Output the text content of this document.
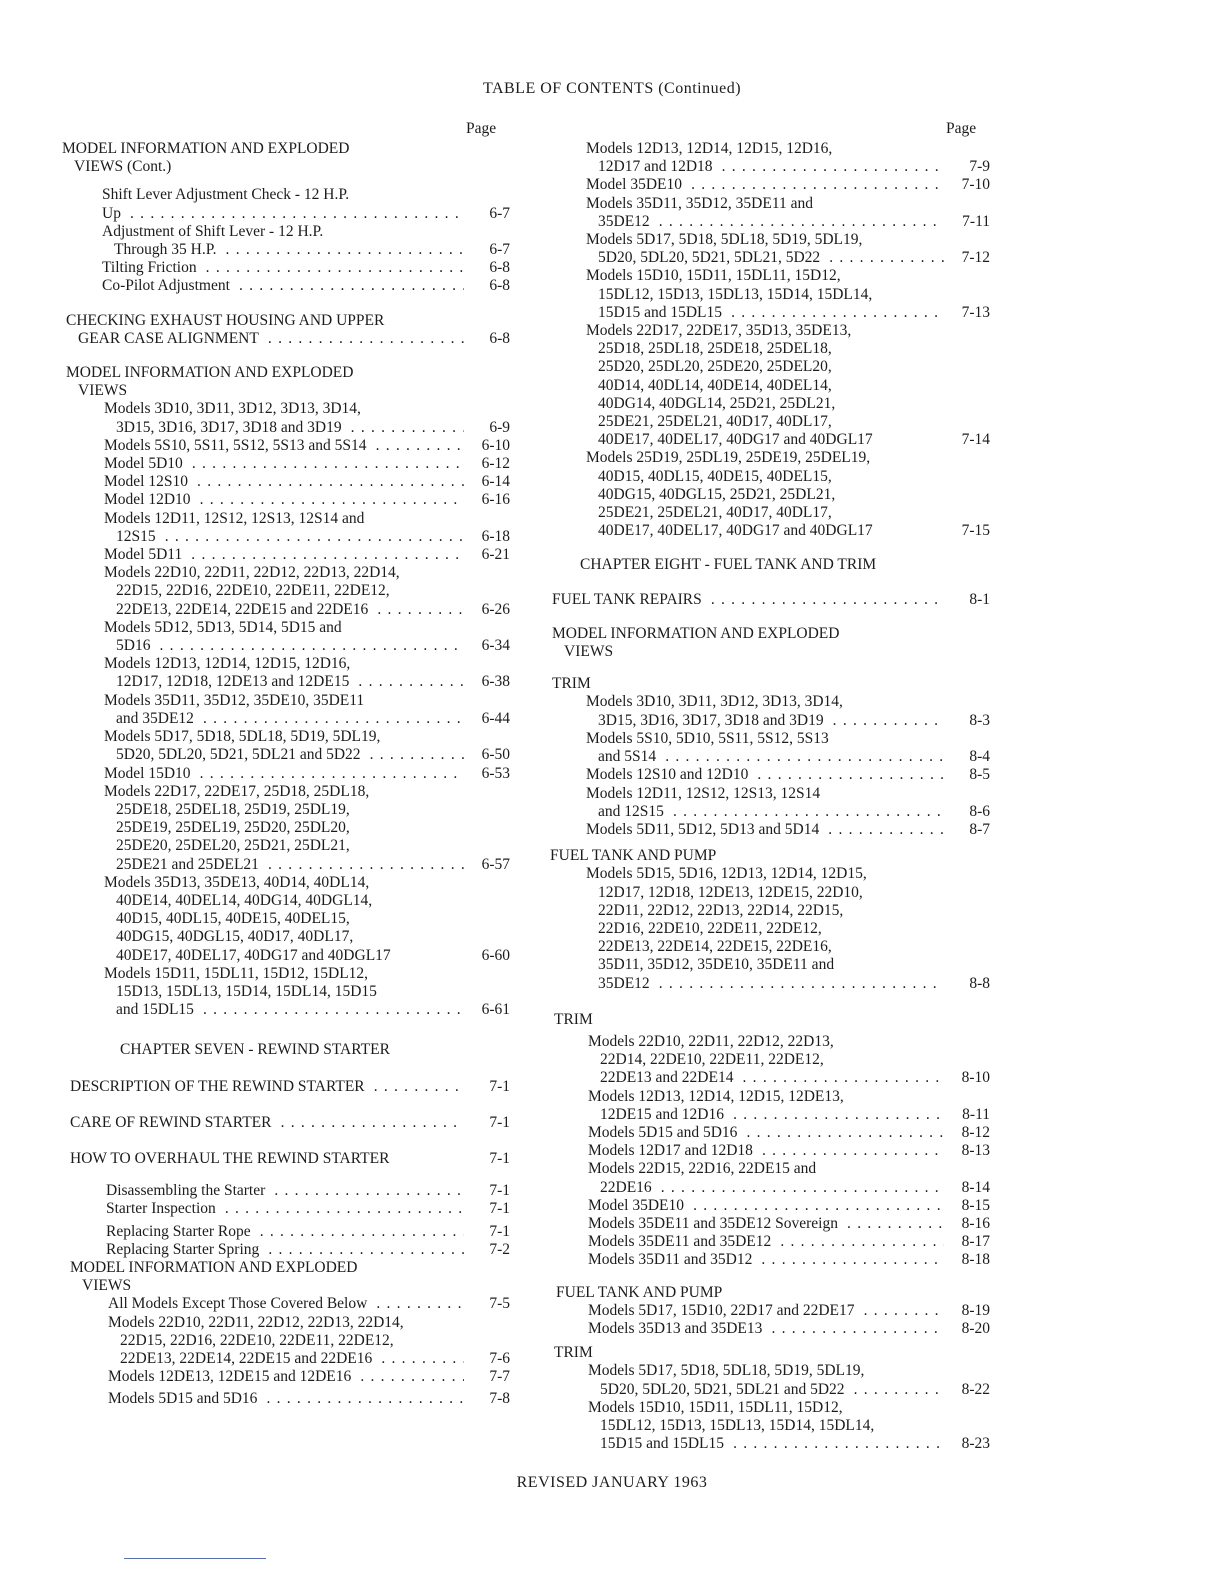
TABLE OF CONTENTS (Continued)
Page	Page
MODEL INFORMATION AND EXPLODED
VIEWS (Cont.)
Shift Lever Adjustment Check - 12 H.P.
Up . . .	6-7
Adjustment of Shift Lever - 12 H.P.
Through 35 H.P. . . .	6-7
Tilting Friction . . .	6-8
Co-Pilot Adjustment . . .	6-8
CHECKING EXHAUST HOUSING AND UPPER
GEAR CASE ALIGNMENT . . .	6-8
MODEL INFORMATION AND EXPLODED
VIEWS
Models 3D10, 3D11, 3D12, 3D13, 3D14,
3D15, 3D16, 3D17, 3D18 and 3D19 . . .	6-9
Models 5S10, 5S11, 5S12, 5S13 and 5S14 . . .	6-10
Model 5D10 . . .	6-12
Model 12S10 . . .	6-14
Model 12D10 . . .	6-16
Models 12D11, 12S12, 12S13, 12S14 and
12S15 . . .	6-18
Model 5D11 . . .	6-21
Models 22D10, 22D11, 22D12, 22D13, 22D14,
22D15, 22D16, 22DE10, 22DE11, 22DE12,
22DE13, 22DE14, 22DE15 and 22DE16 . . .	6-26
Models 5D12, 5D13, 5D14, 5D15 and
5D16 . . .	6-34
Models 12D13, 12D14, 12D15, 12D16,
12D17, 12D18, 12DE13 and 12DE15 . . .	6-38
Models 35D11, 35D12, 35DE10, 35DE11
and 35DE12 . . .	6-44
Models 5D17, 5D18, 5DL18, 5D19, 5DL19,
5D20, 5DL20, 5D21, 5DL21 and 5D22 . . .	6-50
Model 15D10 . . .	6-53
Models 22D17, 22DE17, 25D18, 25DL18,
25DE18, 25DEL18, 25D19, 25DL19,
25DE19, 25DEL19, 25D20, 25DL20,
25DE20, 25DEL20, 25D21, 25DL21,
25DE21 and 25DEL21 . . .	6-57
Models 35D13, 35DE13, 40D14, 40DL14,
40DE14, 40DEL14, 40DG14, 40DGL14,
40D15, 40DL15, 40DE15, 40DEL15,
40DG15, 40DGL15, 40D17, 40DL17,
40DE17, 40DEL17, 40DG17 and 40DGL17	6-60
Models 15D11, 15DL11, 15D12, 15DL12,
15D13, 15DL13, 15D14, 15DL14, 15D15
and 15DL15 . . .	6-61
CHAPTER SEVEN - REWIND STARTER
DESCRIPTION OF THE REWIND STARTER . . .	7-1
CARE OF REWIND STARTER . . .	7-1
HOW TO OVERHAUL THE REWIND STARTER	7-1
Disassembling the Starter . . .	7-1
Starter Inspection . . .	7-1
Replacing Starter Rope . . .	7-1
Replacing Starter Spring . . .	7-2
MODEL INFORMATION AND EXPLODED
VIEWS
All Models Except Those Covered Below . . .	7-5
Models 22D10, 22D11, 22D12, 22D13, 22D14,
22D15, 22D16, 22DE10, 22DE11, 22DE12,
22DE13, 22DE14, 22DE15 and 22DE16 . . .	7-6
Models 12DE13, 12DE15 and 12DE16 . . .	7-7
Models 5D15 and 5D16 . . .	7-8
Models 12D13, 12D14, 12D15, 12D16,
12D17 and 12D18 . . .	7-9
Model 35DE10 . . .	7-10
Models 35D11, 35D12, 35DE11 and
35DE12 . . .	7-11
Models 5D17, 5D18, 5DL18, 5D19, 5DL19,
5D20, 5DL20, 5D21, 5DL21, 5D22 . . .	7-12
Models 15D10, 15D11, 15DL11, 15D12,
15DL12, 15D13, 15DL13, 15D14, 15DL14,
15D15 and 15DL15 . . .	7-13
Models 22D17, 22DE17, 35D13, 35DE13,
25D18, 25DL18, 25DE18, 25DEL18,
25D20, 25DL20, 25DE20, 25DEL20,
40D14, 40DL14, 40DE14, 40DEL14,
40DG14, 40DGL14, 25D21, 25DL21,
25DE21, 25DEL21, 40D17, 40DL17,
40DE17, 40DEL17, 40DG17 and 40DGL17	7-14
Models 25D19, 25DL19, 25DE19, 25DEL19,
40D15, 40DL15, 40DE15, 40DEL15,
40DG15, 40DGL15, 25D21, 25DL21,
25DE21, 25DEL21, 40D17, 40DL17,
40DE17, 40DEL17, 40DG17 and 40DGL17	7-15
CHAPTER EIGHT - FUEL TANK AND TRIM
FUEL TANK REPAIRS . . .	8-1
MODEL INFORMATION AND EXPLODED
VIEWS
TRIM
Models 3D10, 3D11, 3D12, 3D13, 3D14,
3D15, 3D16, 3D17, 3D18 and 3D19 . . .	8-3
Models 5S10, 5D10, 5S11, 5S12, 5S13
and 5S14 . . .	8-4
Models 12S10 and 12D10 . . .	8-5
Models 12D11, 12S12, 12S13, 12S14
and 12S15 . . .	8-6
Models 5D11, 5D12, 5D13 and 5D14 . . .	8-7
FUEL TANK AND PUMP
Models 5D15, 5D16, 12D13, 12D14, 12D15,
12D17, 12D18, 12DE13, 12DE15, 22D10,
22D11, 22D12, 22D13, 22D14, 22D15,
22D16, 22DE10, 22DE11, 22DE12,
22DE13, 22DE14, 22DE15, 22DE16,
35D11, 35D12, 35DE10, 35DE11 and
35DE12 . . .	8-8
TRIM
Models 22D10, 22D11, 22D12, 22D13,
22D14, 22DE10, 22DE11, 22DE12,
22DE13 and 22DE14 . . .	8-10
Models 12D13, 12D14, 12D15, 12DE13,
12DE15 and 12D16 . . .	8-11
Models 5D15 and 5D16 . . .	8-12
Models 12D17 and 12D18 . . .	8-13
Models 22D15, 22D16, 22DE15 and
22DE16 . . .	8-14
Model 35DE10 . . .	8-15
Models 35DE11 and 35DE12 Sovereign . . .	8-16
Models 35DE11 and 35DE12 . . .	8-17
Models 35D11 and 35D12 . . .	8-18
FUEL TANK AND PUMP
Models 5D17, 15D10, 22D17 and 22DE17 . . .	8-19
Models 35D13 and 35DE13 . . .	8-20
TRIM
Models 5D17, 5D18, 5DL18, 5D19, 5DL19,
5D20, 5DL20, 5D21, 5DL21 and 5D22 . . .	8-22
Models 15D10, 15D11, 15DL11, 15D12,
15DL12, 15D13, 15DL13, 15D14, 15DL14,
15D15 and 15DL15 . . .	8-23
REVISED JANUARY 1963
